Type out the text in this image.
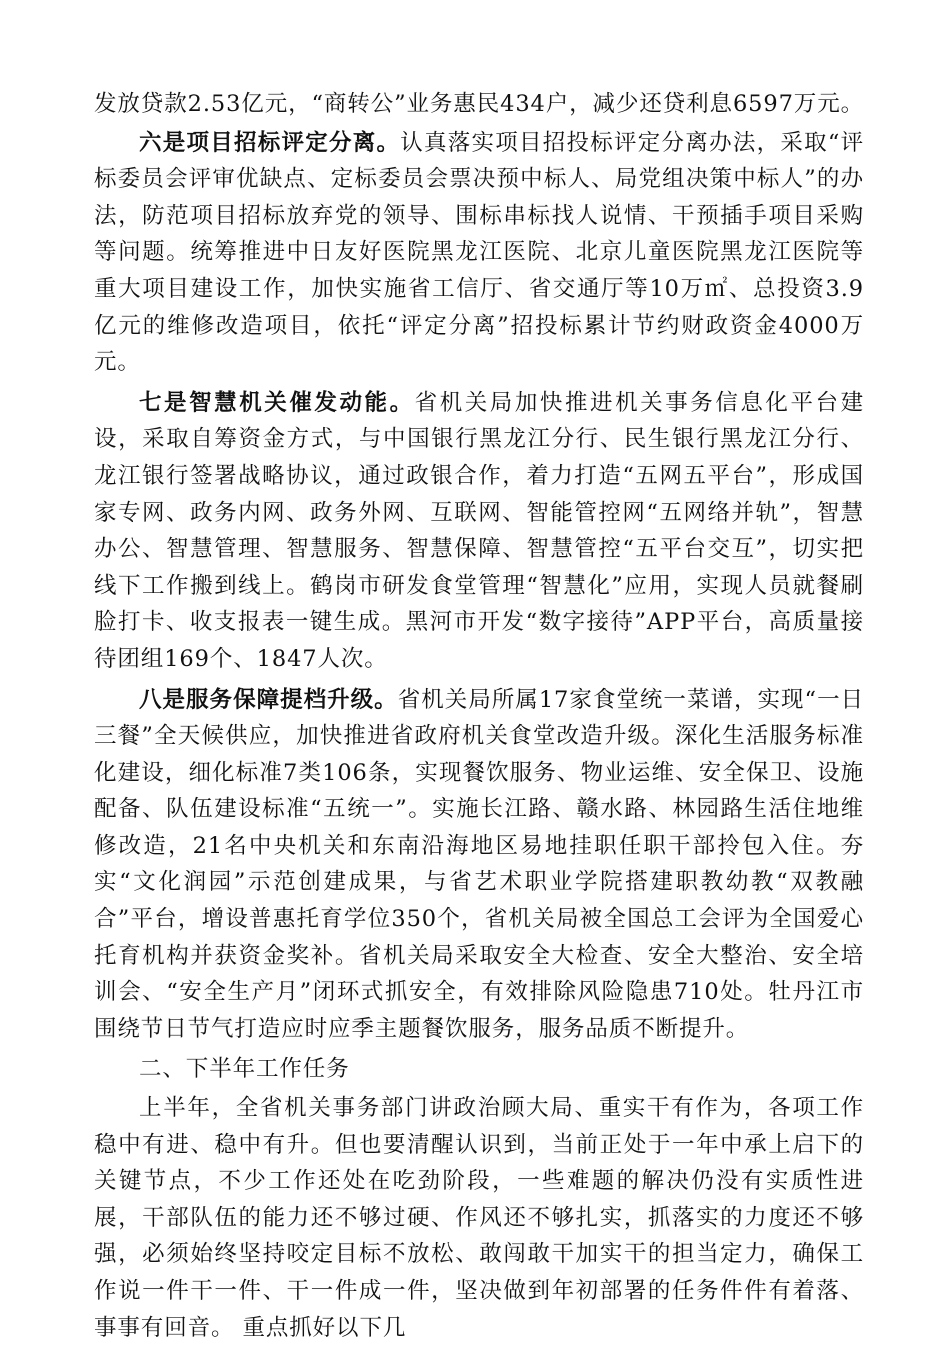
发放贷款2.53亿元，“商转公”业务惠民434户，减少还贷利息6597万元。

六是项目招标评定分离。认真落实项目招投标评定分离办法，采取“评标委员会评审优缺点、定标委员会票决预中标人、局党组决策中标人”的办法，防范项目招标放弃党的领导、围标串标找人说情、干预插手项目采购等问题。统筹推进中日友好医院黑龙江医院、北京儿童医院黑龙江医院等重大项目建设工作，加快实施省工信厅、省交通厅等10万㎡、总投资3.9亿元的维修改造项目，依托“评定分离”招投标累计节约财政资金4000万元。

七是智慧机关催发动能。省机关局加快推进机关事务信息化平台建设，采取自筹资金方式，与中国银行黑龙江分行、民生银行黑龙江分行、龙江银行签署战略协议，通过政银合作，着力打造“五网五平台”，形成国家专网、政务内网、政务外网、互联网、智能管控网“五网络并轨”，智慧办公、智慧管理、智慧服务、智慧保障、智慧管控“五平台交互”，切实把线下工作搬到线上。鹤岗市研发食堂管理“智慧化”应用，实现人员就餐刷脸打卡、收支报表一键生成。黑河市开发“数字接待”APP平台，高质量接待团组169个、1847人次。

八是服务保障提档升级。省机关局所属17家食堂统一菜谱，实现“一日三餐”全天候供应，加快推进省政府机关食堂改造升级。深化生活服务标准化建设，细化标准7类106条，实现餐饮服务、物业运维、安全保卫、设施配备、队伍建设标准“五统一”。实施长江路、赣水路、林园路生活住地维修改造，21名中央机关和东南沿海地区易地挂职任职干部拎包入住。夯实“文化润园”示范创建成果，与省艺术职业学院搭建职教幼教“双教融合”平台，增设普惠托育学位350个，省机关局被全国总工会评为全国爱心托育机构并获资金奖补。省机关局采取安全大检查、安全大整治、安全培训会、“安全生产月”闭环式抓安全，有效排除风险隐患710处。牡丹江市围绕节日节气打造应时应季主题餐饮服务，服务品质不断提升。

二、下半年工作任务

上半年，全省机关事务部门讲政治顾大局、重实干有作为，各项工作稳中有进、稳中有升。但也要清醒认识到，当前正处于一年中承上启下的关键节点，不少工作还处在吃劲阶段，一些难题的解决仍没有实质性进展，干部队伍的能力还不够过硬、作风还不够扎实，抓落实的力度还不够强，必须始终坚持咬定目标不放松、敢闯敢干加实干的担当定力，确保工作说一件干一件、干一件成一件，坚决做到年初部署的任务件件有着落、事事有回音。 重点抓好以下几
